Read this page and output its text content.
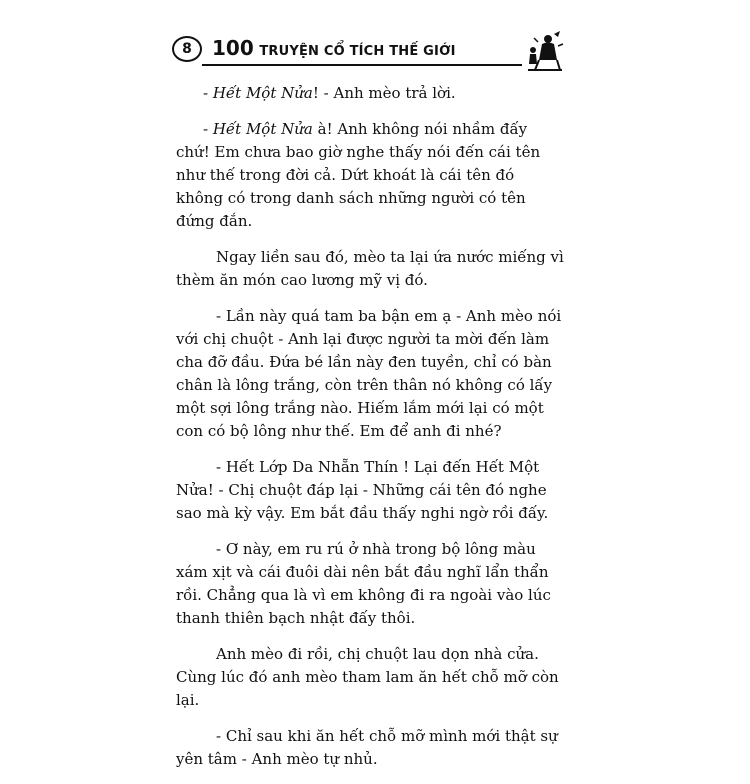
8	100 TRUYỆN CỔ TÍCH THẾ GIỚI

- Hết Một Nửa! - Anh mèo trả lời.

- Hết Một Nửa à! Anh không nói nhầm đấy chứ! Em chưa bao giờ nghe thấy nói đến cái tên như thế trong đời cả. Dứt khoát là cái tên đó không có trong danh sách những người có tên đứng đắn.

Ngay liền sau đó, mèo ta lại ứa nước miếng vì thèm ăn món cao lương mỹ vị đó.

- Lần này quá tam ba bận em ạ - Anh mèo nói với chị chuột - Anh lại được người ta mời đến làm cha đỡ đầu. Đứa bé lần này đen tuyền, chỉ có bàn chân là lông trắng, còn trên thân nó không có lấy một sợi lông trắng nào. Hiếm lắm mới lại có một con có bộ lông như thế. Em để anh đi nhé?

- Hết Lớp Da Nhẵn Thín ! Lại đến Hết Một Nửa! - Chị chuột đáp lại - Những cái tên đó nghe sao mà kỳ vậy. Em bắt đầu thấy nghi ngờ rồi đấy.

- Ơ này, em ru rú ở nhà trong bộ lông màu xám xịt và cái đuôi dài nên bắt đầu nghĩ lẩn thẩn rồi. Chẳng qua là vì em không đi ra ngoài vào lúc thanh thiên bạch nhật đấy thôi.

Anh mèo đi rồi, chị chuột lau dọn nhà cửa. Cùng lúc đó anh mèo tham lam ăn hết chỗ mỡ còn lại.

- Chỉ sau khi ăn hết chỗ mỡ mình mới thật sự yên tâm - Anh mèo tự nhủ.
